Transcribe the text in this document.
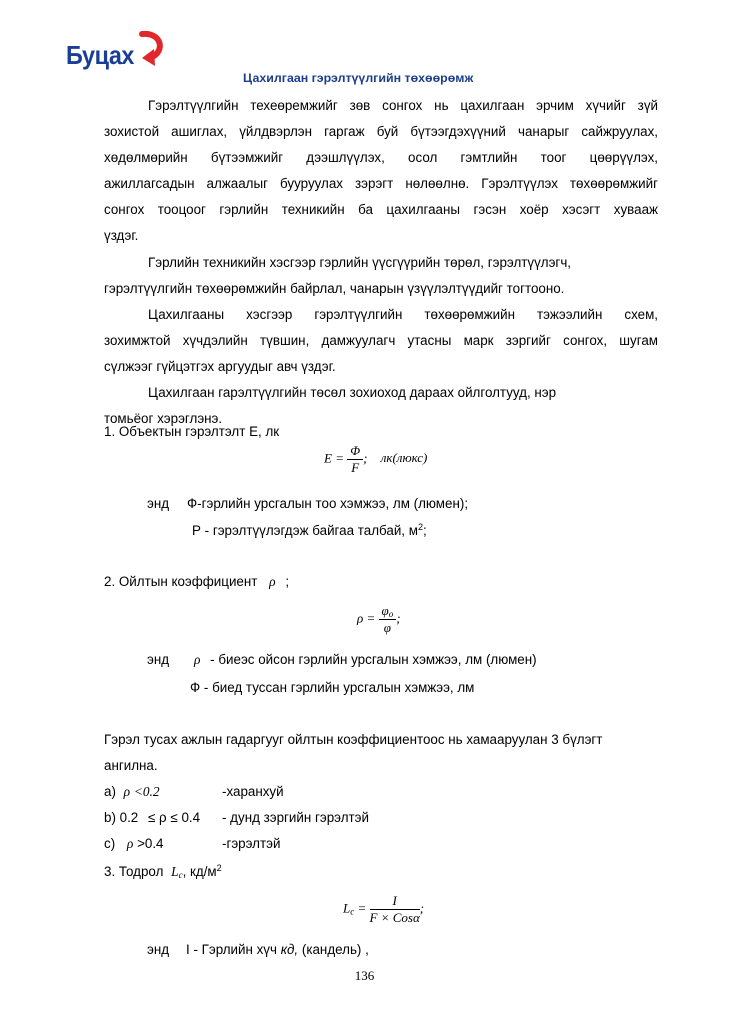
Буцах
Цахилгаан гэрэлтүүлгийн төхөөрөмж
Гэрэлтүүлгийн техеөремжийг зөв сонгох нь цахилгаан эрчим хүчийг зүй
зохистой ашиглах, үйлдвэрлэн гаргаж буй бүтээгдэхүүний чанарыг сайжруулах,
хөдөлмөрийн бүтээмжийг дээшлүүлэх, осол гэмтлийн тоог цөөрүүлэх,
ажиллагсадын алжаалыг бууруулах зэрэгт нөлөөлнө. Гэрэлтүүлэх төхөөрөмжийг
сонгох тооцоог гэрлийн техникийн ба цахилгааны гэсэн хоёр хэсэгт хувааж
үздэг.
Гэрлийн техникийн хэсгээр гэрлийн үүсгүүрийн төрөл, гэрэлтүүлэгч,
гэрэлтүүлгийн төхөөрөмжийн байрлал, чанарын үзүүлэлтүүдийг тогтооно.
Цахилгааны хэсгээр гэрэлтүүлгийн төхөөрөмжийн тэжээлийн схем,
зохимжтой хүчдэлийн түвшин, дамжуулагч утасны марк зэргийг сонгох, шугам
сүлжээг гүйцэтгэх аргуудыг авч үздэг.
Цахилгаан гарэлтүүлгийн төсөл зохиоход дараах ойлголтууд, нэр
томьёог хэрэглэнэ.
1. Объектын гэрэлтэлт Е, лк
$E = \frac{\Phi}{F}$ ; лк(люкс)
энд Ф-гэрлийн урсгалын тоо хэмжээ, лм (люмен);
Р - гэрэлтүүлэгдэж байгаа талбай, $м^2$;
2. Ойлтын коэффициент ρ ;
$\rho = \frac{\varphi_o}{\varphi}$ ;
энд ρ - биеэс ойсон гэрлийн урсгалын хэмжээ, лм (люмен)
Ф - биед туссан гэрлийн урсгалын хэмжээ, лм
Гэрэл тусах ажлын гадаргууг ойлтын коэффициентоос нь хамааруулан 3 бүлэгт
ангилна.
a) ρ <0.2	-харанхуй
b) 0.2 ≤ ρ ≤ 0.4 - дунд зэргийн гэрэлтэй
c) ρ >0.4	-гэрэлтэй
3. Тодрол $L_c$, $кд/м^2$
$L_c = \frac{I}{\text{F × Cosα}}$ ;
энд I - Гэрлийн хүч кд, (кандель) ,
136
